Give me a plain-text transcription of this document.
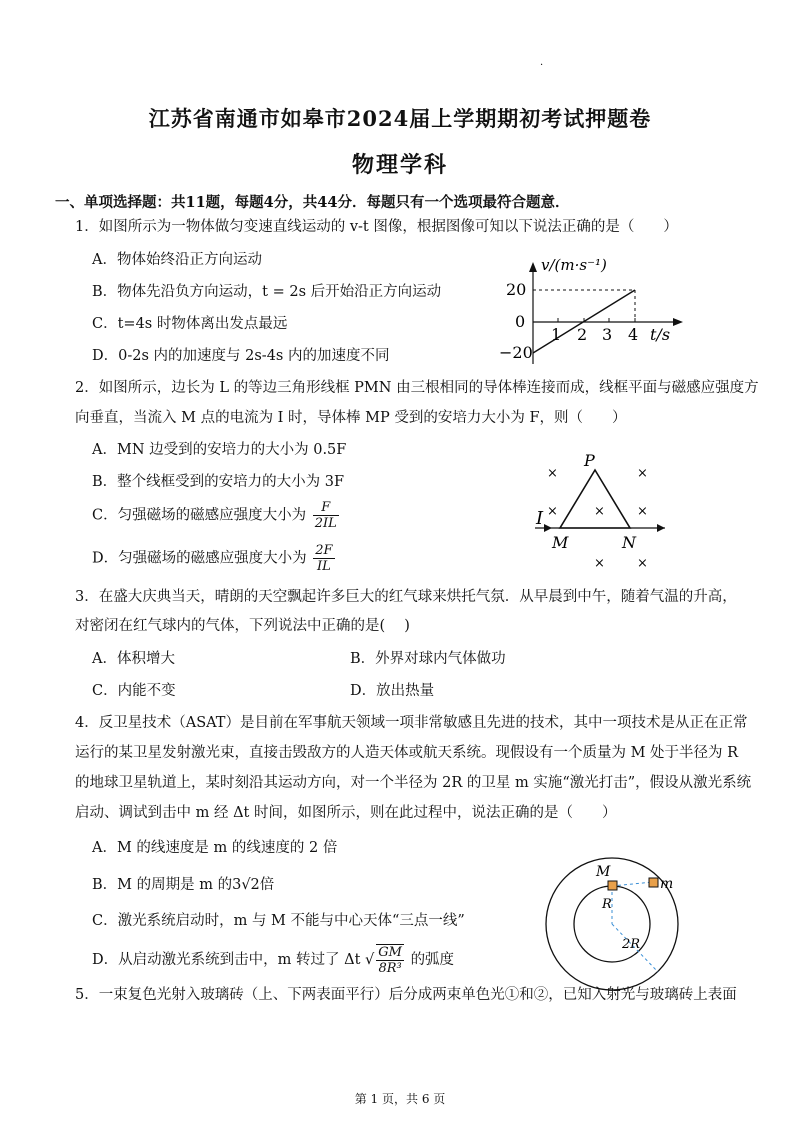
·
江苏省南通市如皋市2024届上学期期初考试押题卷
物理学科
一、单项选择题：共11题，每题4分，共44分．每题只有一个选项最符合题意．
1．如图所示为一物体做匀变速直线运动的 v-t 图像，根据图像可知以下说法正确的是（　　）
A．物体始终沿正方向运动
B．物体先沿负方向运动，t = 2s 后开始沿正方向运动
C．t=4s 时物体离出发点最远
D．0-2s 内的加速度与 2s-4s 内的加速度不同
v/(m·s⁻¹)
20
0
−20
1 2 3 4 t/s
2．如图所示，边长为 L 的等边三角形线框 PMN 由三根相同的导体棒连接而成，线框平面与磁感应强度方
向垂直，当流入 M 点的电流为 I 时，导体棒 MP 受到的安培力大小为 F，则（　　）
A．MN 边受到的安培力的大小为 0.5F
B．整个线框受到的安培力的大小为 3F
C．匀强磁场的磁感应强度大小为 $\frac{F}{2IL}$
D．匀强磁场的磁感应强度大小为 $\frac{2F}{IL}$
×	×
× ×
×
× ×
P
M	N
I
3．在盛大庆典当天，晴朗的天空飘起许多巨大的红气球来烘托气氛．从早晨到中午，随着气温的升高，
对密闭在红气球内的气体，下列说法中正确的是(　 )
A．体积增大	B．外界对球内气体做功
C．内能不变	D．放出热量
4．反卫星技术（ASAT）是目前在军事航天领域一项非常敏感且先进的技术，其中一项技术是从正在正常
运行的某卫星发射激光束，直接击毁敌方的人造天体或航天系统。现假设有一个质量为 M 处于半径为 R
的地球卫星轨道上，某时刻沿其运动方向，对一个半径为 2R 的卫星 m 实施“激光打击”，假设从激光系统
启动、调试到击中 m 经 Δt 时间，如图所示，则在此过程中，说法正确的是（　　）
A．M 的线速度是 m 的线速度的 2 倍
B．M 的周期是 m 的3√2倍
C．激光系统启动时，m 与 M 不能与中心天体“三点一线”
D．从启动激光系统到击中，m 转过了 Δt √ $\frac{GM}{\text{8R³}}$ 的弧度
M
m
R
2R
5．一束复色光射入玻璃砖（上、下两表面平行）后分成两束单色光①和②，已知入射光与玻璃砖上表面
第 1 页，共 6 页
